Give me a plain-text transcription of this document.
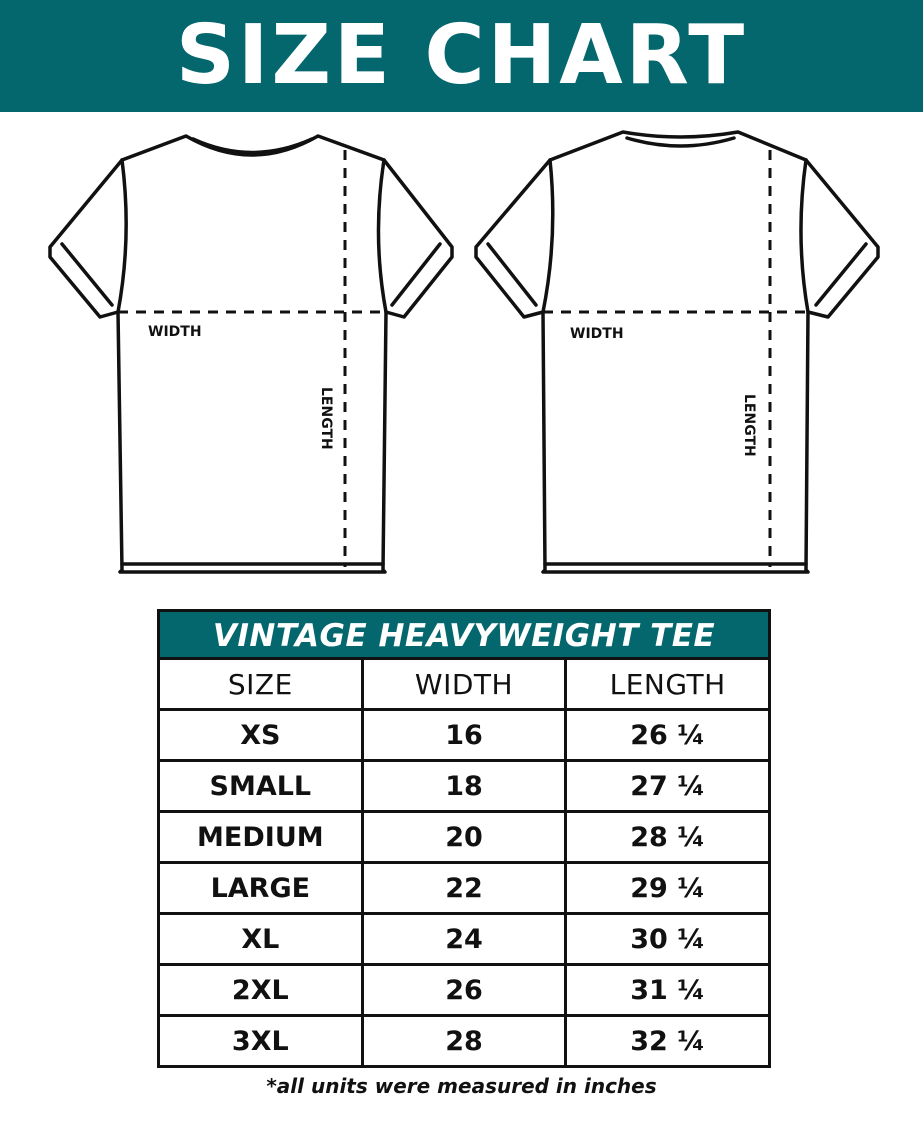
SIZE CHART
WIDTH
LENGTH
WIDTH
LENGTH
VINTAGE HEAVYWEIGHT TEE
SIZE	WIDTH	LENGTH
XS	16	26 ¼
SMALL	18	27 ¼
MEDIUM	20	28 ¼
LARGE	22	29 ¼
XL	24	30 ¼
2XL	26	31 ¼
3XL	28	32 ¼
*all units were measured in inches
